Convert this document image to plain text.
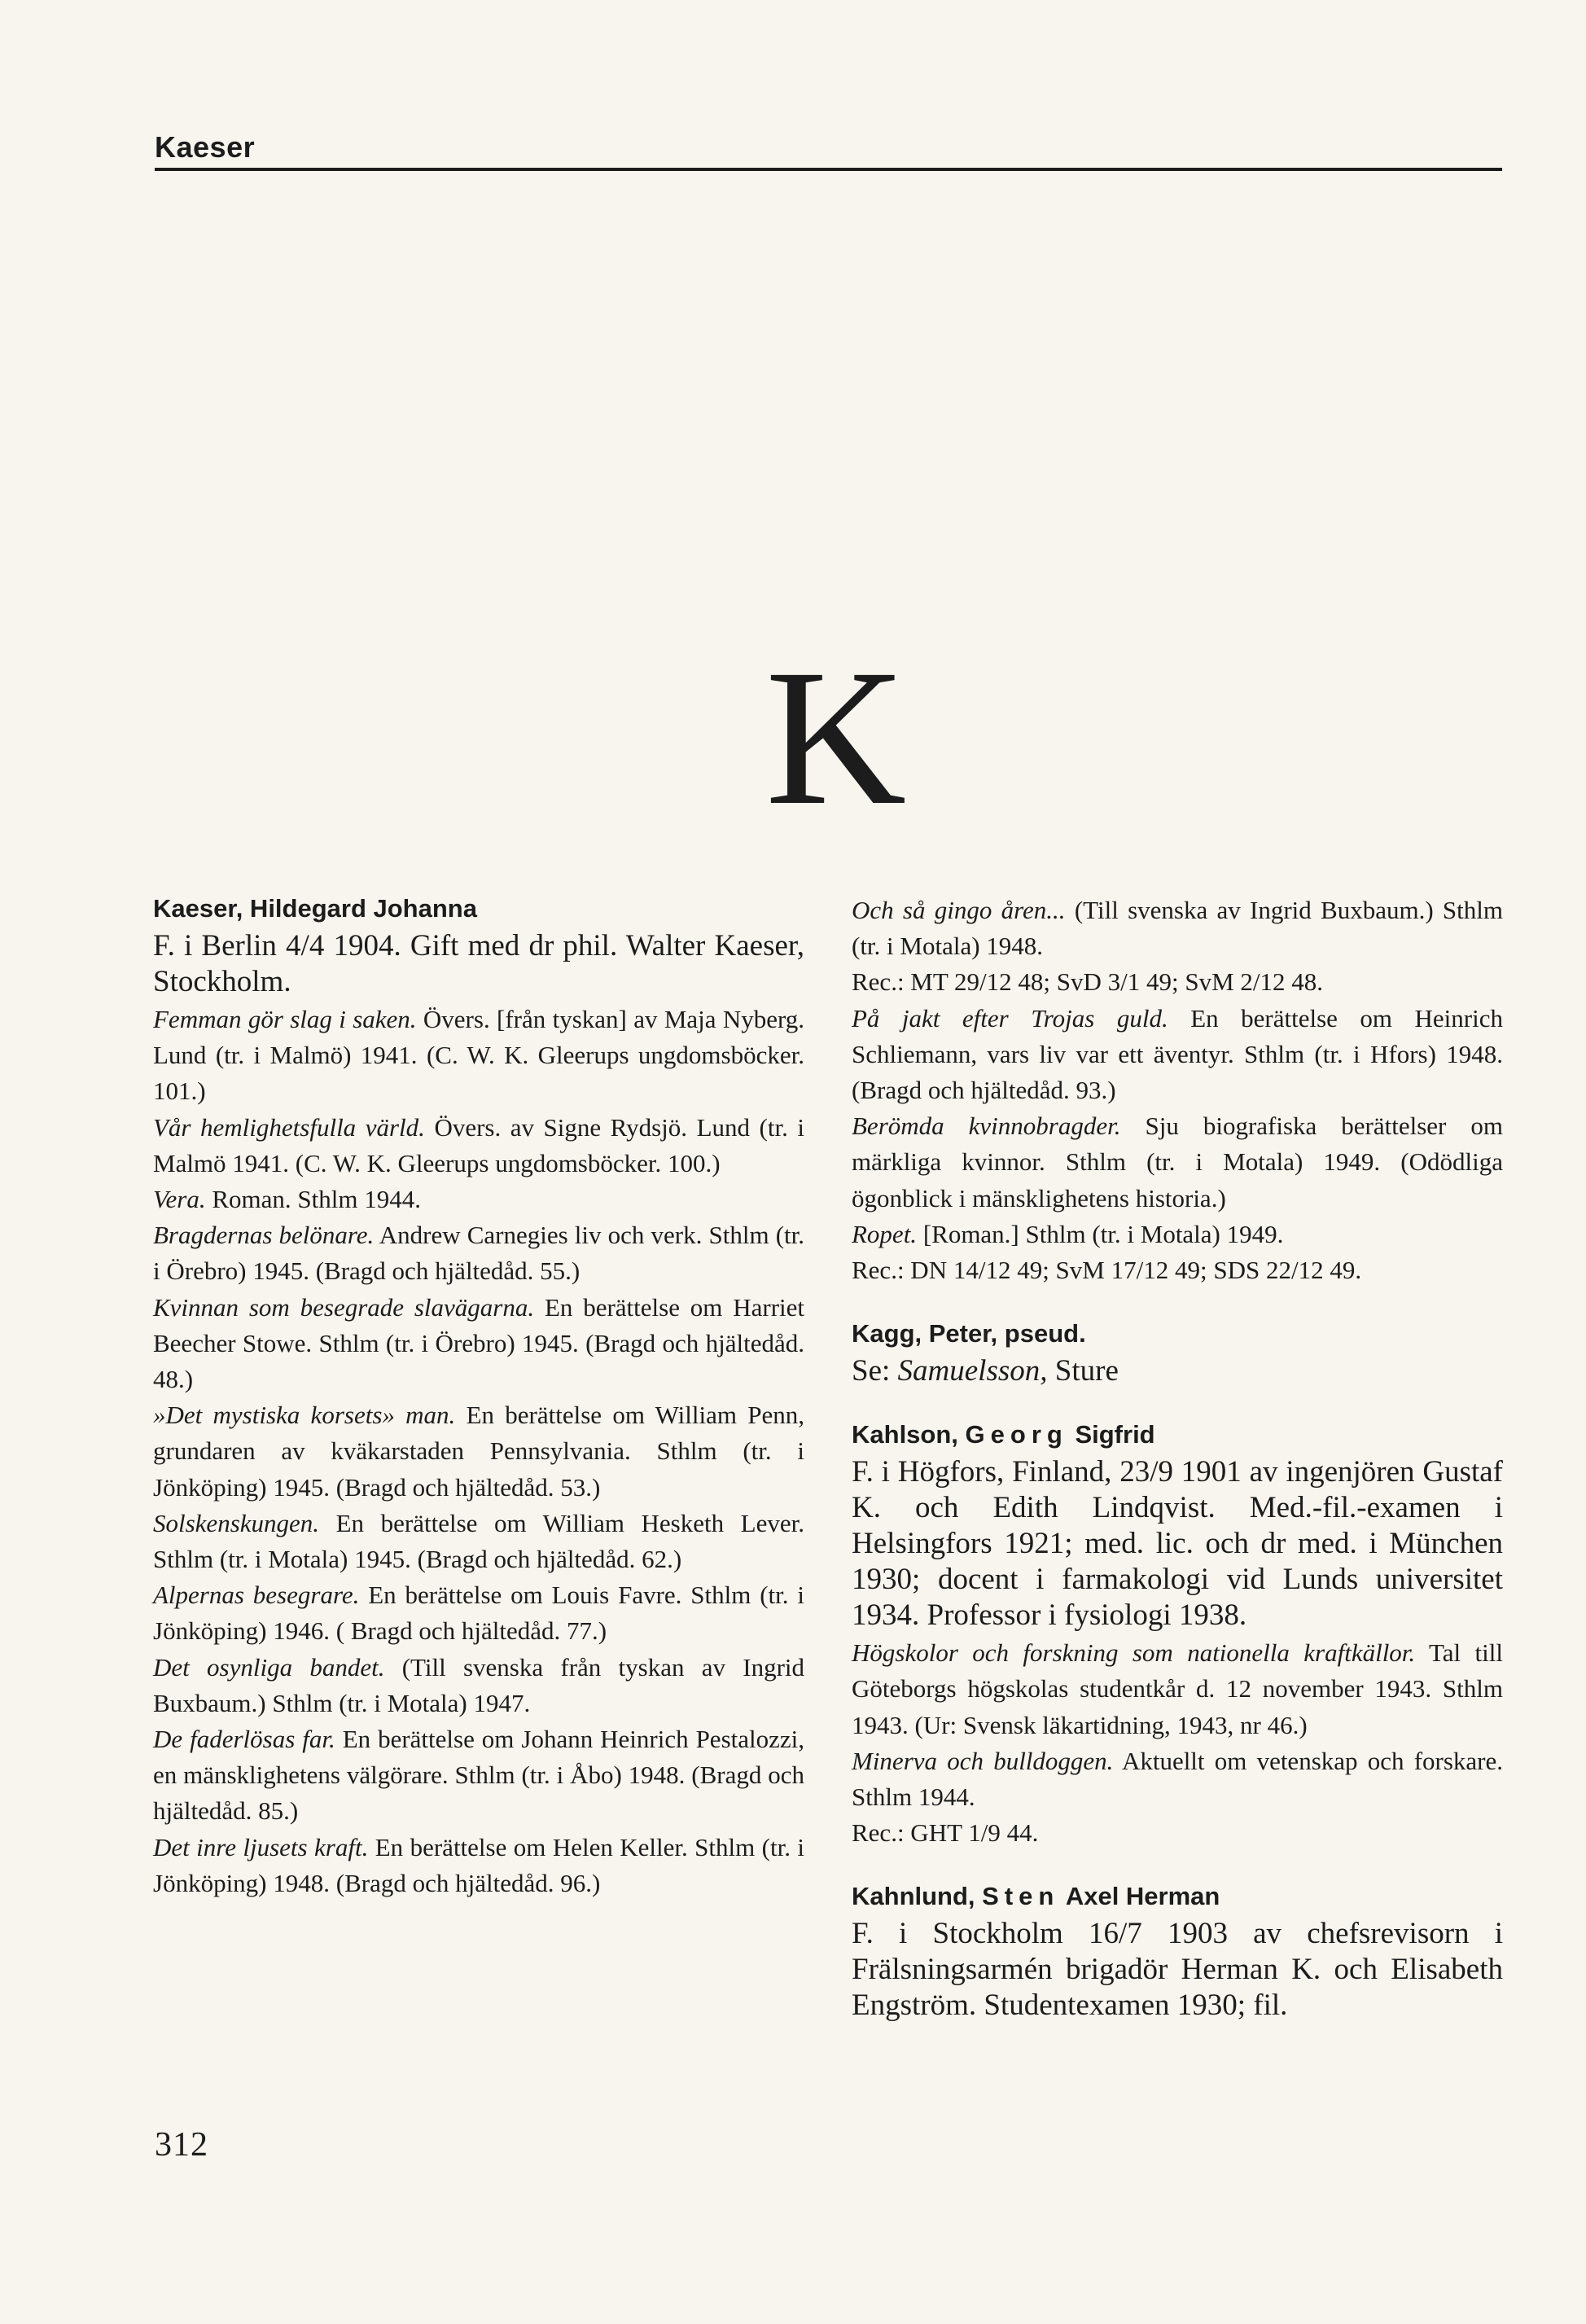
Kaeser
K

Kaeser, Hildegard Johanna

F. i Berlin 4/4 1904. Gift med dr phil. Walter Kaeser, Stockholm.

Femman gör slag i saken. Övers. [från tyskan] av Maja Nyberg. Lund (tr. i Malmö) 1941. (C. W. K. Gleerups ungdomsböcker. 101.)

Vår hemlighetsfulla värld. Övers. av Signe Rydsjö. Lund (tr. i Malmö 1941. (C. W. K. Gleerups ungdomsböcker. 100.)

Vera. Roman. Sthlm 1944.

Bragdernas belönare. Andrew Carnegies liv och verk. Sthlm (tr. i Örebro) 1945. (Bragd och hjältedåd. 55.)

Kvinnan som besegrade slavägarna. En berättelse om Harriet Beecher Stowe. Sthlm (tr. i Örebro) 1945. (Bragd och hjältedåd. 48.)

»Det mystiska korsets» man. En berättelse om William Penn, grundaren av kväkarstaden Pennsylvania. Sthlm (tr. i Jönköping) 1945. (Bragd och hjältedåd. 53.)

Solskenskungen. En berättelse om William Hesketh Lever. Sthlm (tr. i Motala) 1945. (Bragd och hjältedåd. 62.)

Alpernas besegrare. En berättelse om Louis Favre. Sthlm (tr. i Jönköping) 1946. ( Bragd och hjältedåd. 77.)

Det osynliga bandet. (Till svenska från tyskan av Ingrid Buxbaum.) Sthlm (tr. i Motala) 1947.

De faderlösas far. En berättelse om Johann Heinrich Pestalozzi, en mänsklighetens välgörare. Sthlm (tr. i Åbo) 1948. (Bragd och hjältedåd. 85.)

Det inre ljusets kraft. En berättelse om Helen Keller. Sthlm (tr. i Jönköping) 1948. (Bragd och hjältedåd. 96.)

Och så gingo åren... (Till svenska av Ingrid Buxbaum.) Sthlm (tr. i Motala) 1948.

Rec.: MT 29/12 48; SvD 3/1 49; SvM 2/12 48.

På jakt efter Trojas guld. En berättelse om Heinrich Schliemann, vars liv var ett äventyr. Sthlm (tr. i Hfors) 1948. (Bragd och hjältedåd. 93.)

Berömda kvinnobragder. Sju biografiska berättelser om märkliga kvinnor. Sthlm (tr. i Motala) 1949. (Odödliga ögonblick i mänsklighetens historia.)

Ropet. [Roman.] Sthlm (tr. i Motala) 1949.

Rec.: DN 14/12 49; SvM 17/12 49; SDS 22/12 49.

Kagg, Peter, pseud.

Se: Samuelsson, Sture

Kahlson, Georg Sigfrid

F. i Högfors, Finland, 23/9 1901 av ingenjören Gustaf K. och Edith Lindqvist. Med.-fil.-examen i Helsingfors 1921; med. lic. och dr med. i München 1930; docent i farmakologi vid Lunds universitet 1934. Professor i fysiologi 1938.

Högskolor och forskning som nationella kraftkällor. Tal till Göteborgs högskolas studentkår d. 12 november 1943. Sthlm 1943. (Ur: Svensk läkartidning, 1943, nr 46.)

Minerva och bulldoggen. Aktuellt om vetenskap och forskare. Sthlm 1944.

Rec.: GHT 1/9 44.

Kahnlund, Sten Axel Herman

F. i Stockholm 16/7 1903 av chefsrevisorn i Frälsningsarmén brigadör Herman K. och Elisabeth Engström. Studentexamen 1930; fil.

312
